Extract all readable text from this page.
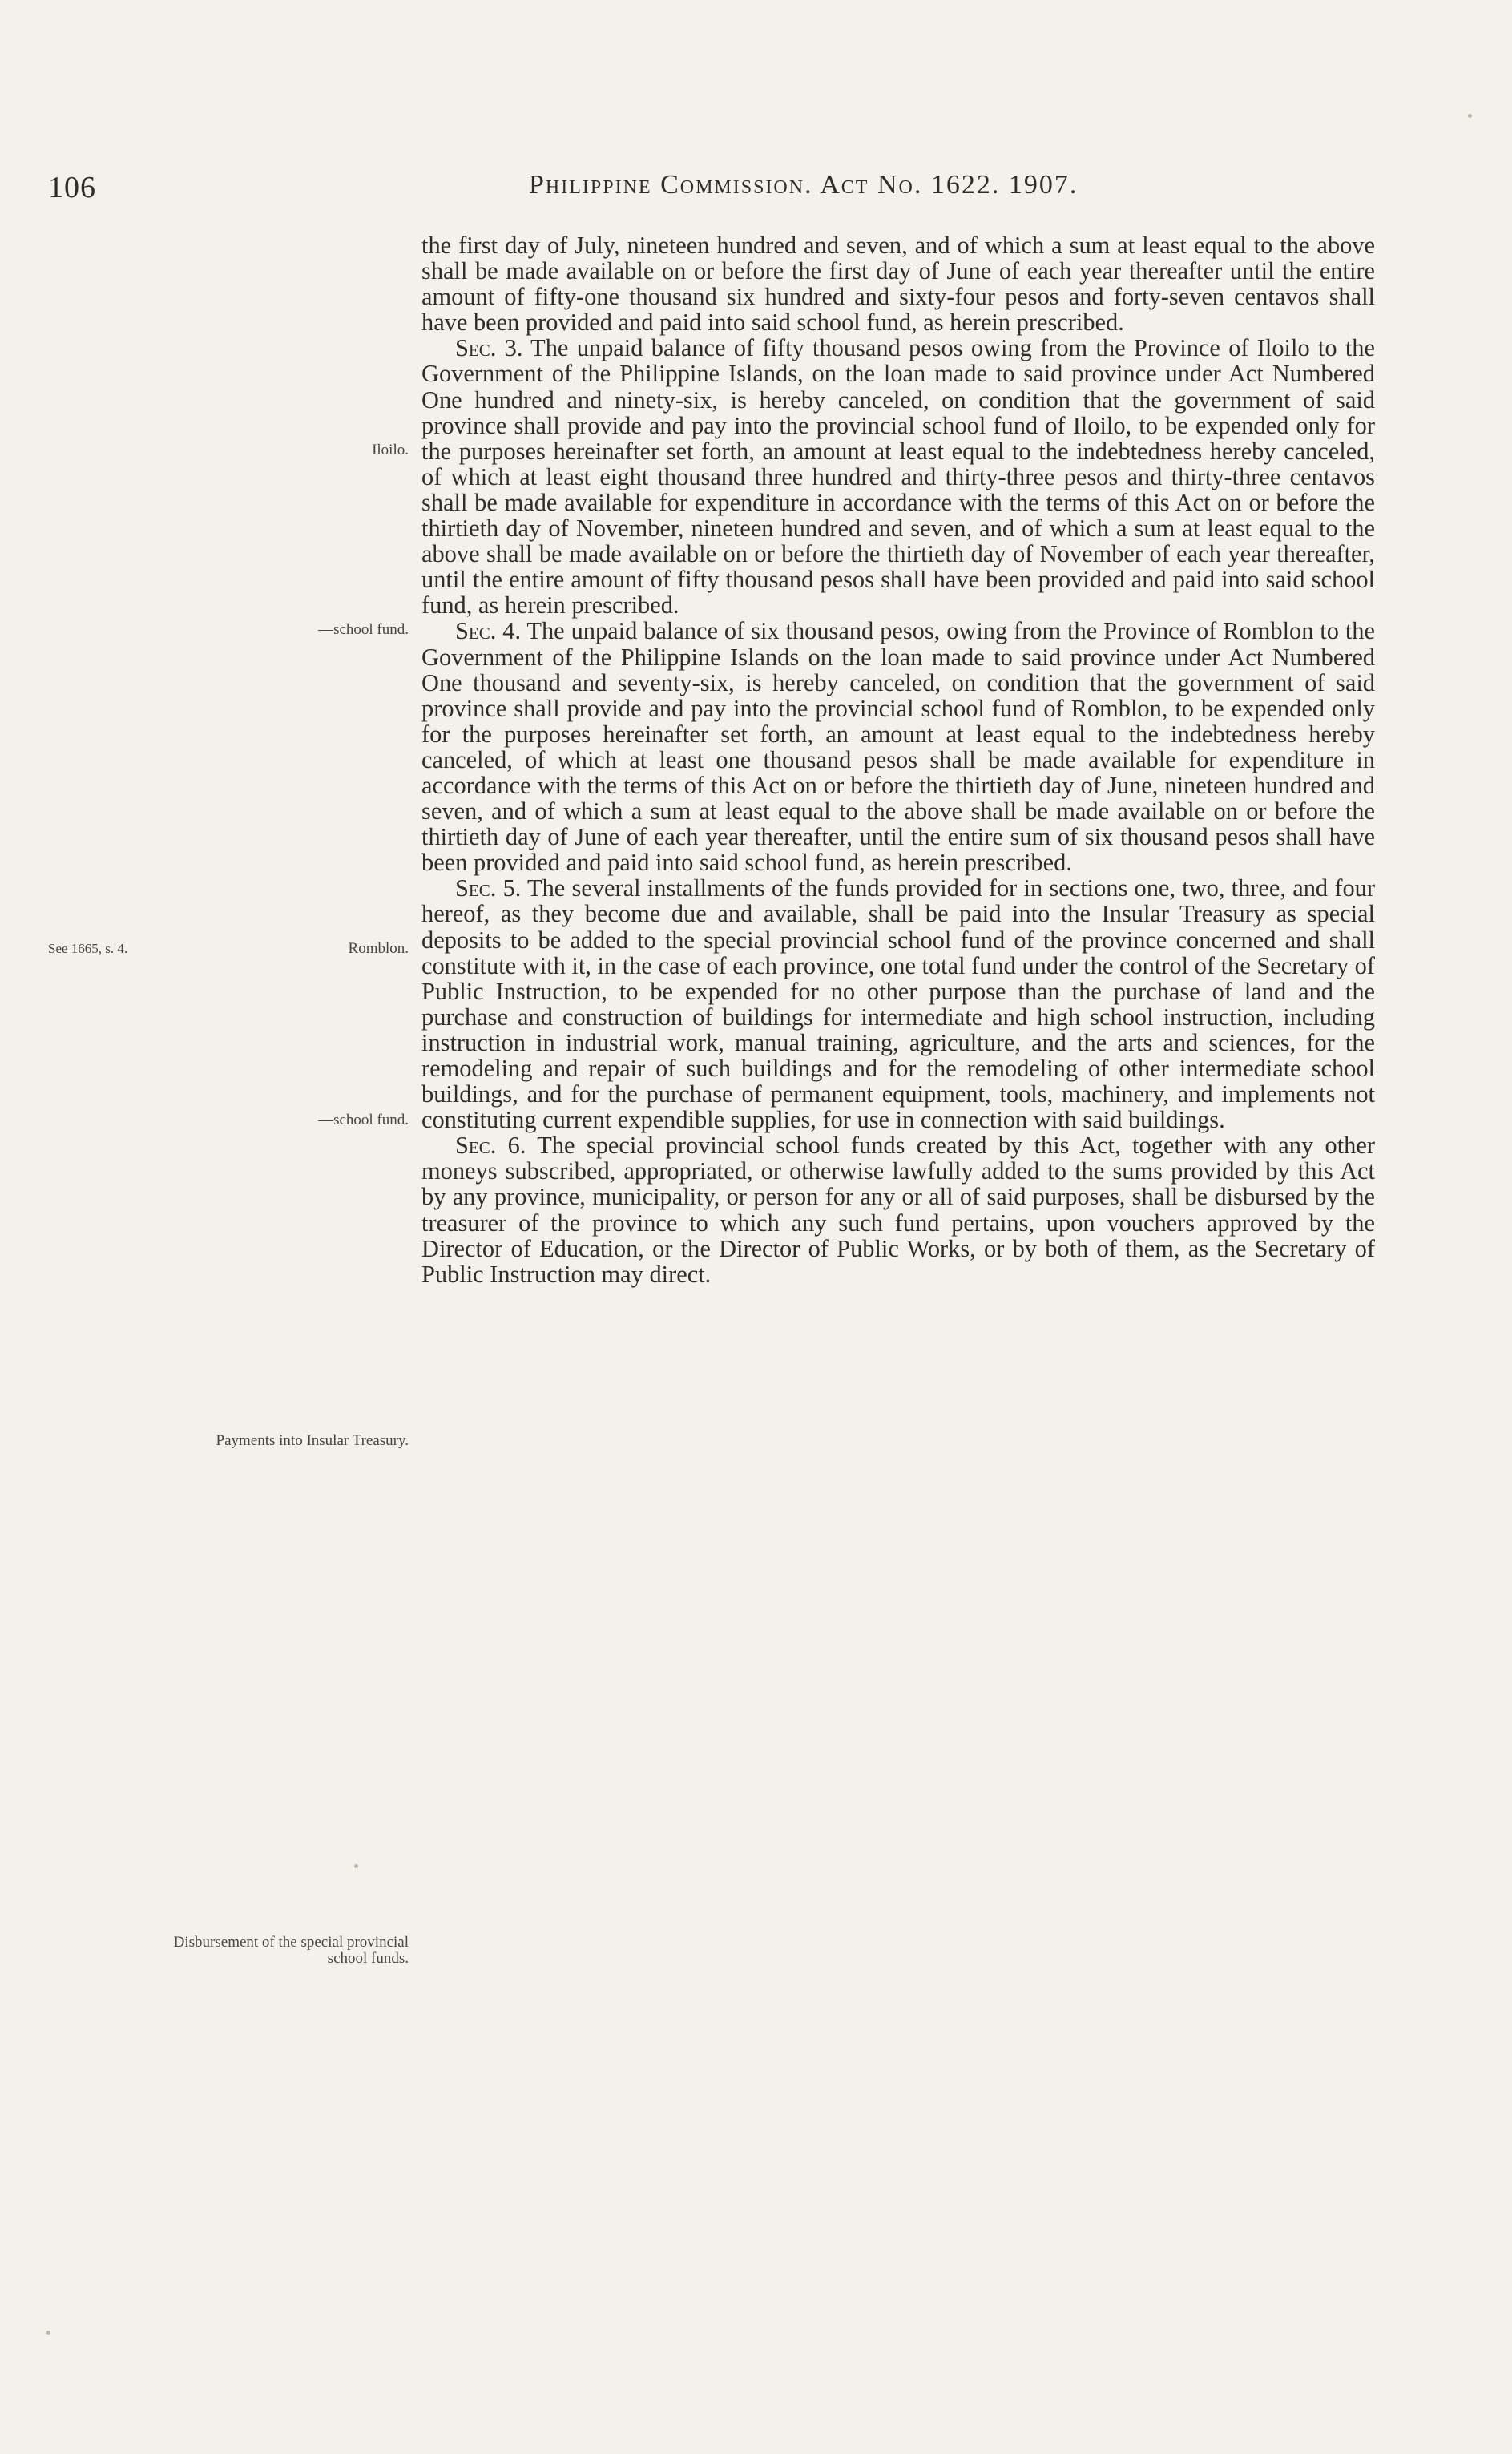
106	Philippine Commission. Act No. 1622. 1907.
Iloilo.
—school fund.
See 1665, s. 4.	Romblon.
—school fund.
Payments into Insular Treasury.
Disbursement of the special provincial school funds.

the first day of July, nineteen hundred and seven, and of which a sum at least equal to the above shall be made available on or before the first day of June of each year thereafter until the entire amount of fifty-one thousand six hundred and sixty-four pesos and forty-seven centavos shall have been provided and paid into said school fund, as herein prescribed.

Sec. 3. The unpaid balance of fifty thousand pesos owing from the Province of Iloilo to the Government of the Philippine Islands, on the loan made to said province under Act Numbered One hundred and ninety-six, is hereby canceled, on condition that the government of said province shall provide and pay into the provincial school fund of Iloilo, to be expended only for the purposes hereinafter set forth, an amount at least equal to the indebtedness hereby canceled, of which at least eight thousand three hundred and thirty-three pesos and thirty-three centavos shall be made available for expenditure in accordance with the terms of this Act on or before the thirtieth day of November, nineteen hundred and seven, and of which a sum at least equal to the above shall be made available on or before the thirtieth day of November of each year thereafter, until the entire amount of fifty thousand pesos shall have been provided and paid into said school fund, as herein prescribed.

Sec. 4. The unpaid balance of six thousand pesos, owing from the Province of Romblon to the Government of the Philippine Islands on the loan made to said province under Act Numbered One thousand and seventy-six, is hereby canceled, on condition that the government of said province shall provide and pay into the provincial school fund of Romblon, to be expended only for the purposes hereinafter set forth, an amount at least equal to the indebtedness hereby canceled, of which at least one thousand pesos shall be made available for expenditure in accordance with the terms of this Act on or before the thirtieth day of June, nineteen hundred and seven, and of which a sum at least equal to the above shall be made available on or before the thirtieth day of June of each year thereafter, until the entire sum of six thousand pesos shall have been provided and paid into said school fund, as herein prescribed.

Sec. 5. The several installments of the funds provided for in sections one, two, three, and four hereof, as they become due and available, shall be paid into the Insular Treasury as special deposits to be added to the special provincial school fund of the province concerned and shall constitute with it, in the case of each province, one total fund under the control of the Secretary of Public Instruction, to be expended for no other purpose than the purchase of land and the purchase and construction of buildings for intermediate and high school instruction, including instruction in industrial work, manual training, agriculture, and the arts and sciences, for the remodeling and repair of such buildings and for the remodeling of other intermediate school buildings, and for the purchase of permanent equipment, tools, machinery, and implements not constituting current expendible supplies, for use in connection with said buildings.

Sec. 6. The special provincial school funds created by this Act, together with any other moneys subscribed, appropriated, or otherwise lawfully added to the sums provided by this Act by any province, municipality, or person for any or all of said purposes, shall be disbursed by the treasurer of the province to which any such fund pertains, upon vouchers approved by the Director of Education, or the Director of Public Works, or by both of them, as the Secretary of Public Instruction may direct.
